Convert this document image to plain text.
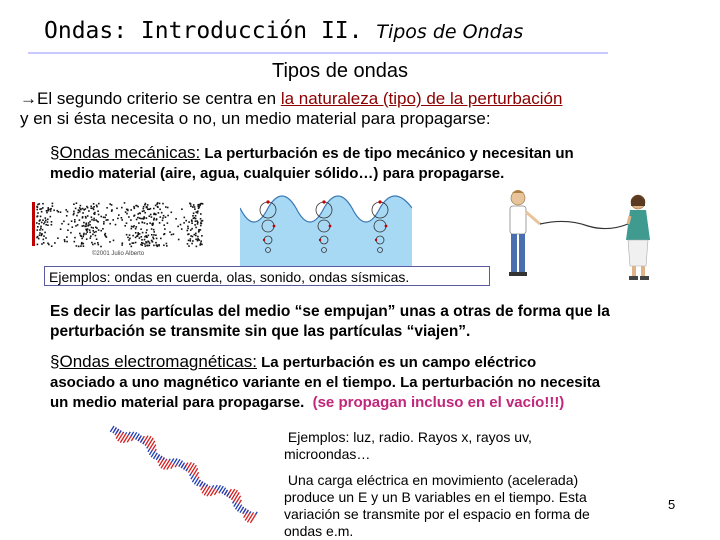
Ondas: Introducción II. Tipos de Ondas
Tipos de ondas
→El segundo criterio se centra en la naturaleza (tipo) de la perturbación
y en si ésta necesita o no, un medio material para propagarse:
§Ondas mecánicas: La perturbación es de tipo mecánico y necesitan un
medio material (aire, agua, cualquier sólido…) para propagarse.
©2001 Julio Alberto
Ejemplos: ondas en cuerda, olas, sonido, ondas sísmicas.
Es decir las partículas del medio “se empujan” unas a otras de forma que la
perturbación se transmite sin que las partículas “viajen”.
§Ondas electromagnéticas: La perturbación es un campo eléctrico
asociado a uno magnético variante en el tiempo. La perturbación no necesita
un medio material para propagarse. (se propagan incluso en el vacío!!!)
Ejemplos: luz, radio. Rayos x, rayos uv,
microondas…
Una carga eléctrica en movimiento (acelerada)
produce un E y un B variables en el tiempo. Esta
variación se transmite por el espacio en forma de
ondas e.m.
5
